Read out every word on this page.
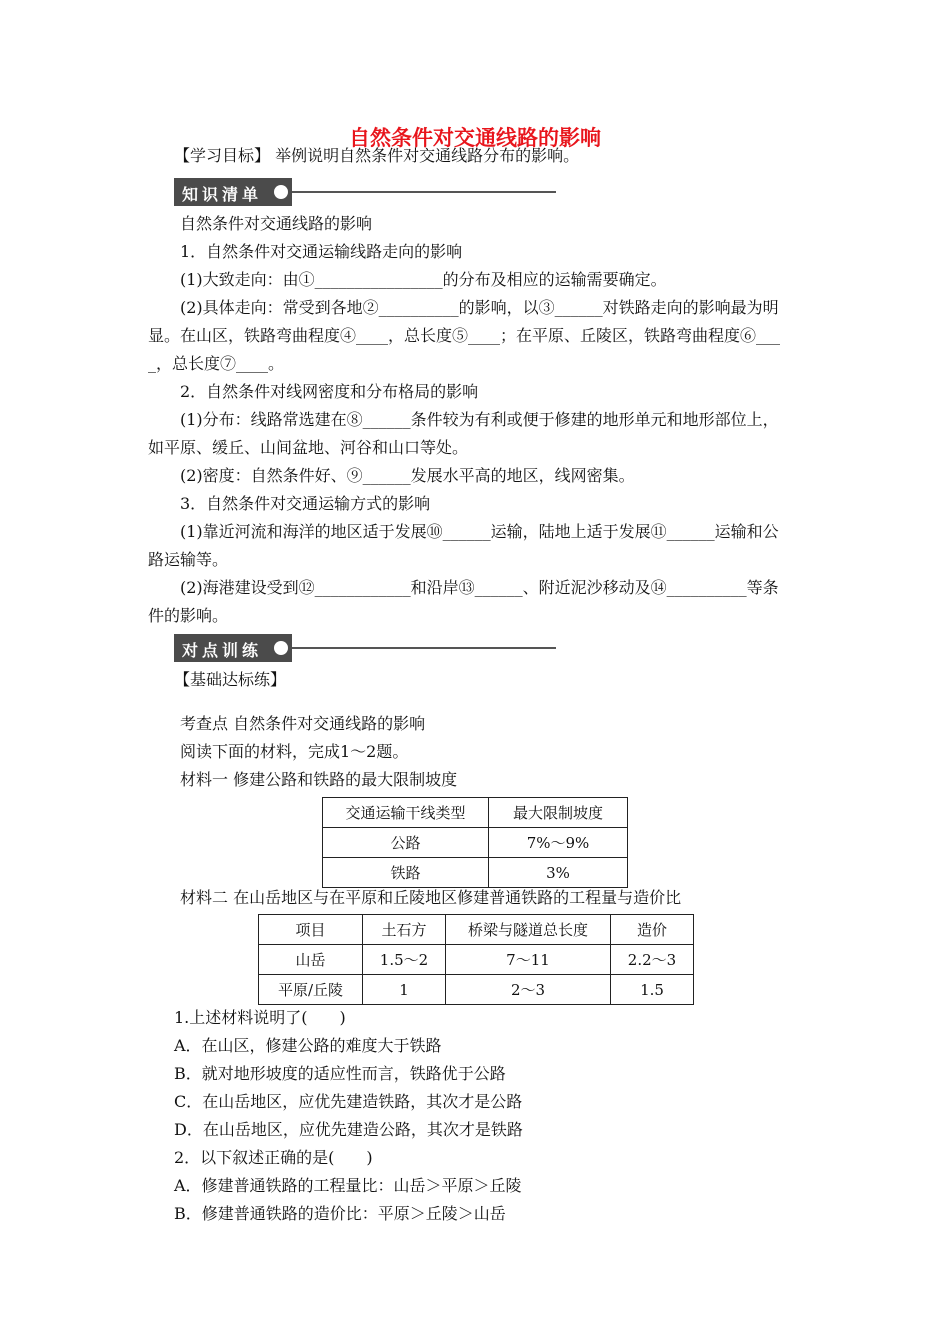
自然条件对交通线路的影响
【学习目标】 举例说明自然条件对交通线路分布的影响。
知识清单
自然条件对交通线路的影响
1．自然条件对交通运输线路走向的影响
(1)大致走向：由①________________的分布及相应的运输需要确定。
(2)具体走向：常受到各地②__________的影响，以③______对铁路走向的影响最为明
显。在山区，铁路弯曲程度④____，总长度⑤____；在平原、丘陵区，铁路弯曲程度⑥___
_，总长度⑦____。
2．自然条件对线网密度和分布格局的影响
(1)分布：线路常选建在⑧______条件较为有利或便于修建的地形单元和地形部位上，
如平原、缓丘、山间盆地、河谷和山口等处。
(2)密度：自然条件好、⑨______发展水平高的地区，线网密集。
3．自然条件对交通运输方式的影响
(1)靠近河流和海洋的地区适于发展⑩______运输，陆地上适于发展⑪______运输和公
路运输等。
(2)海港建设受到⑫____________和沿岸⑬______、附近泥沙移动及⑭__________等条
件的影响。
对点训练
【基础达标练】
考查点 自然条件对交通线路的影响
阅读下面的材料，完成1～2题。
材料一 修建公路和铁路的最大限制坡度
交通运输干线类型	最大限制坡度
公路	7%～9%
铁路	3%
材料二 在山岳地区与在平原和丘陵地区修建普通铁路的工程量与造价比
项目	土石方	桥梁与隧道总长度	造价
山岳	1.5～2	7～11	2.2～3
平原/丘陵	1	2～3	1.5
1.上述材料说明了(　　)
A．在山区，修建公路的难度大于铁路
B．就对地形坡度的适应性而言，铁路优于公路
C．在山岳地区，应优先建造铁路，其次才是公路
D．在山岳地区，应优先建造公路，其次才是铁路
2．以下叙述正确的是(　　)
A．修建普通铁路的工程量比：山岳＞平原＞丘陵
B．修建普通铁路的造价比：平原＞丘陵＞山岳
